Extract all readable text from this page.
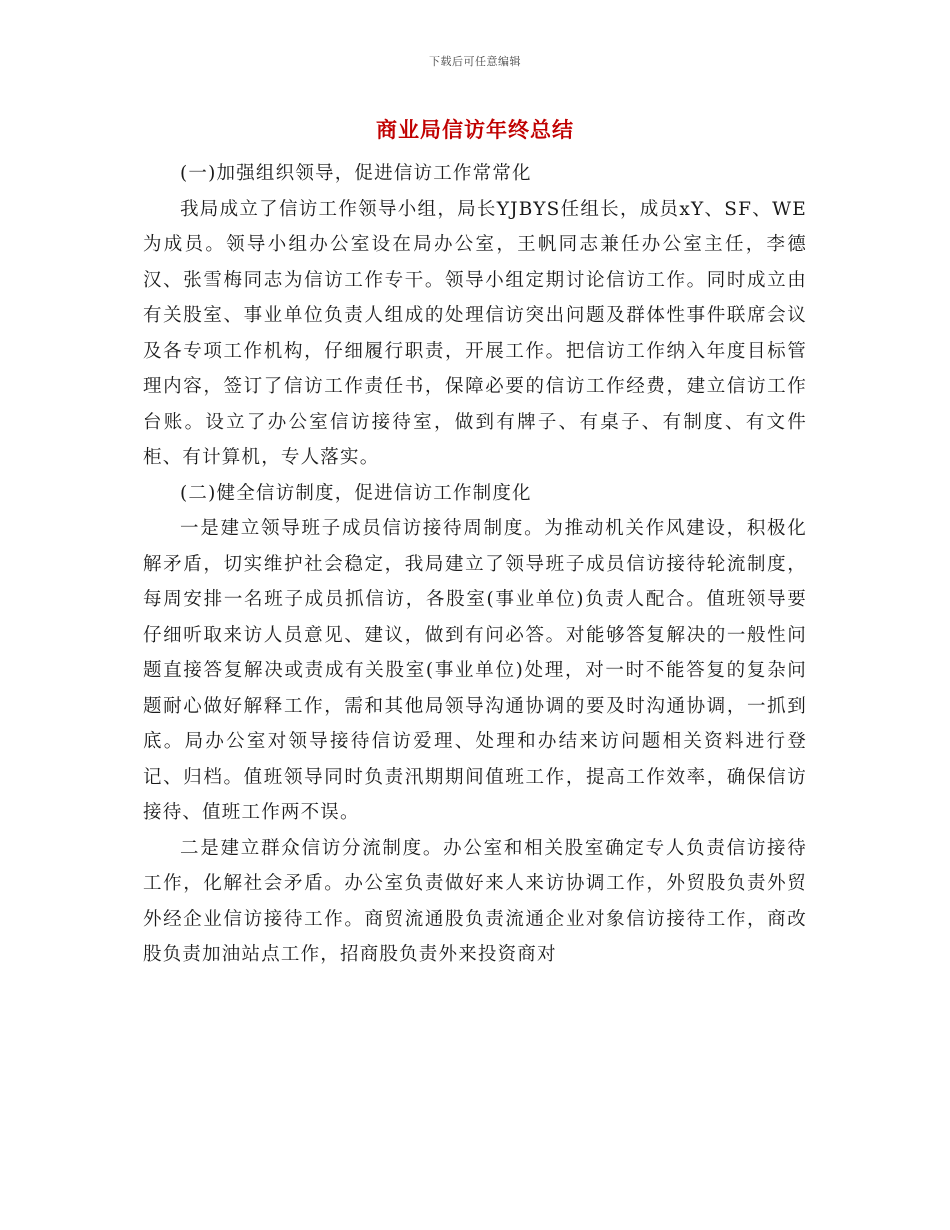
下载后可任意编辑
商业局信访年终总结

(一)加强组织领导，促进信访工作常常化

我局成立了信访工作领导小组，局长YJBYS任组长，成员xY、SF、WE为成员。领导小组办公室设在局办公室，王帆同志兼任办公室主任，李德汉、张雪梅同志为信访工作专干。领导小组定期讨论信访工作。同时成立由有关股室、事业单位负责人组成的处理信访突出问题及群体性事件联席会议及各专项工作机构，仔细履行职责，开展工作。把信访工作纳入年度目标管理内容，签订了信访工作责任书，保障必要的信访工作经费，建立信访工作台账。设立了办公室信访接待室，做到有牌子、有桌子、有制度、有文件柜、有计算机，专人落实。

(二)健全信访制度，促进信访工作制度化

一是建立领导班子成员信访接待周制度。为推动机关作风建设，积极化解矛盾，切实维护社会稳定，我局建立了领导班子成员信访接待轮流制度，每周安排一名班子成员抓信访，各股室(事业单位)负责人配合。值班领导要仔细听取来访人员意见、建议，做到有问必答。对能够答复解决的一般性问题直接答复解决或责成有关股室(事业单位)处理，对一时不能答复的复杂问题耐心做好解释工作，需和其他局领导沟通协调的要及时沟通协调，一抓到底。局办公室对领导接待信访爱理、处理和办结来访问题相关资料进行登记、归档。值班领导同时负责汛期期间值班工作，提高工作效率，确保信访接待、值班工作两不误。

二是建立群众信访分流制度。办公室和相关股室确定专人负责信访接待工作，化解社会矛盾。办公室负责做好来人来访协调工作，外贸股负责外贸外经企业信访接待工作。商贸流通股负责流通企业对象信访接待工作，商改股负责加油站点工作，招商股负责外来投资商对
